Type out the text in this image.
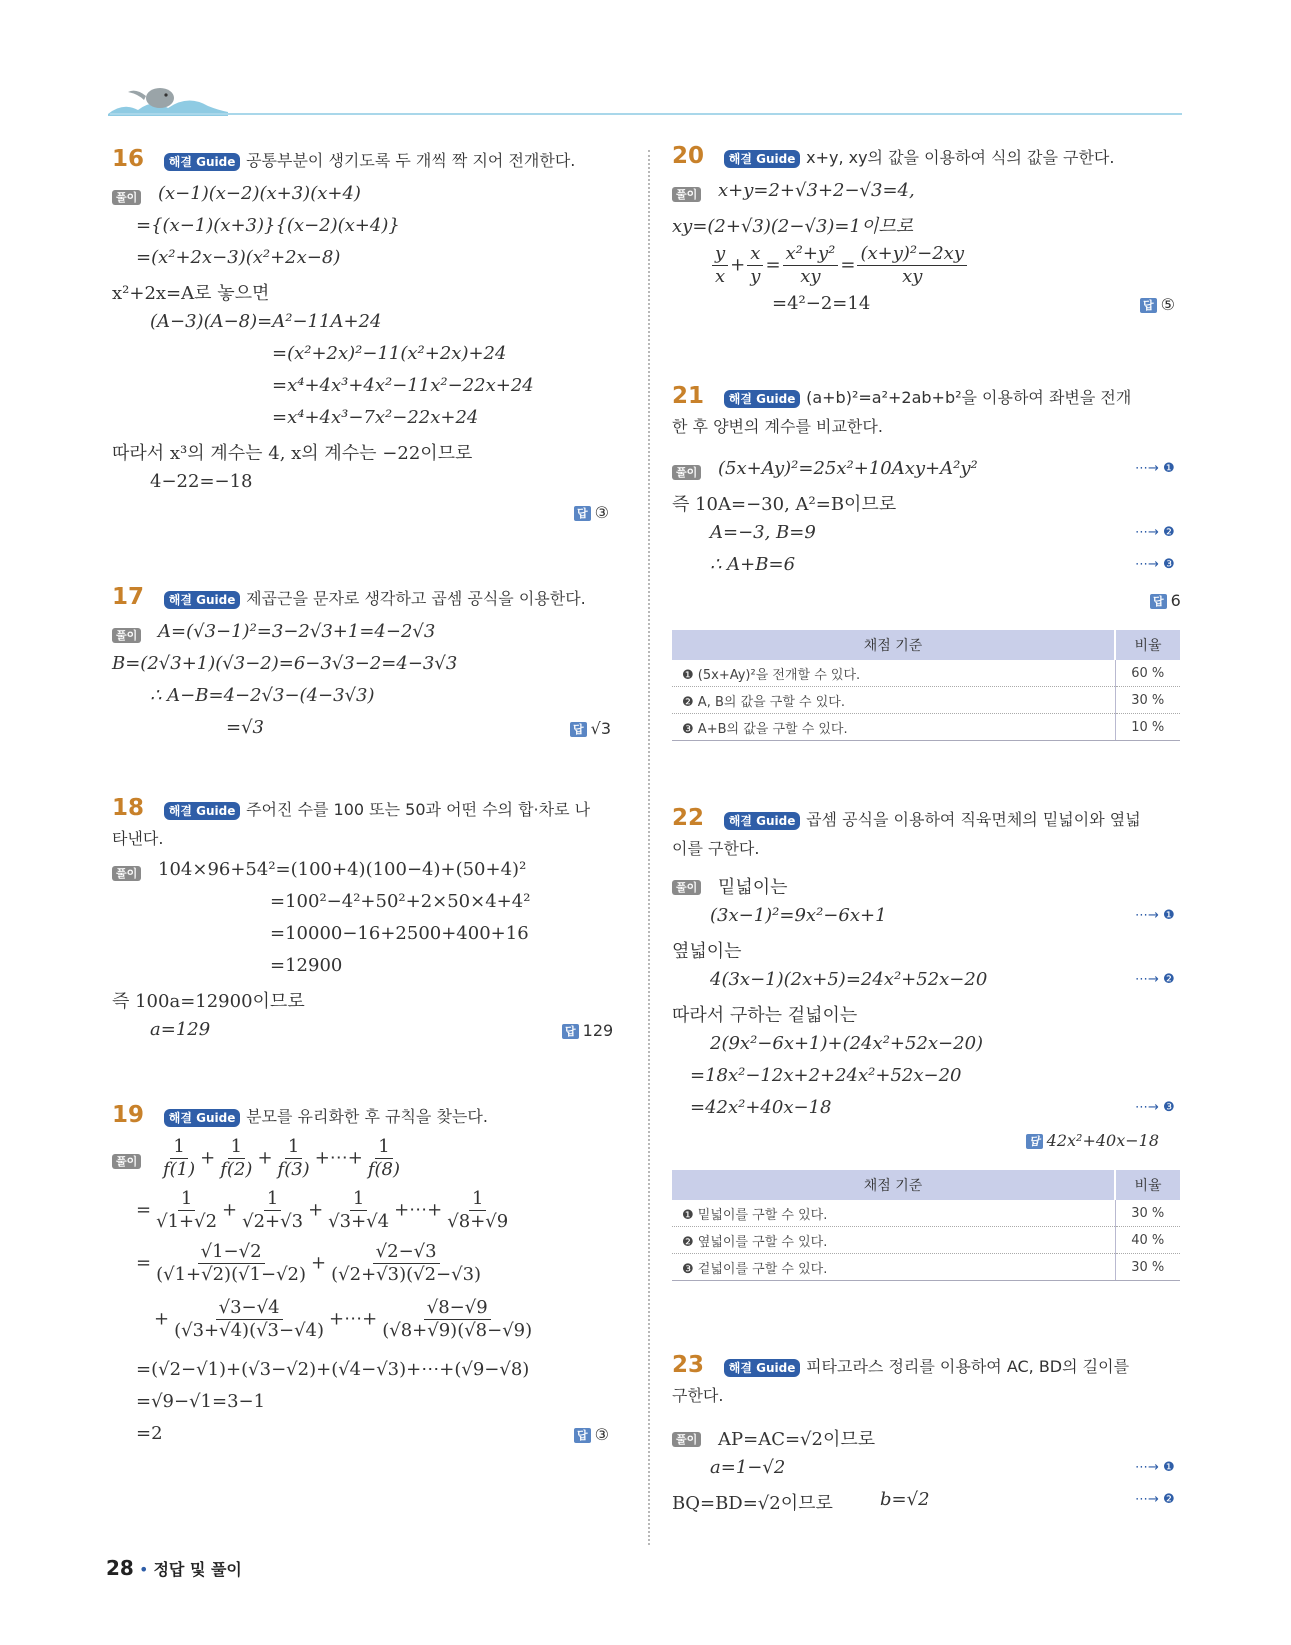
16 해결 Guide 공통부분이 생기도록 두 개씩 짝 지어 전개한다.
풀이 (x−1)(x−2)(x+3)(x+4)
={(x−1)(x+3)}{(x−2)(x+4)}
=(x²+2x−3)(x²+2x−8)
x²+2x=A로 놓으면
(A−3)(A−8)=A²−11A+24
=(x²+2x)²−11(x²+2x)+24
=x⁴+4x³+4x²−11x²−22x+24
=x⁴+4x³−7x²−22x+24
따라서 x³의 계수는 4, x의 계수는 −22이므로
4−22=−18
답 ③
17 해결 Guide 제곱근을 문자로 생각하고 곱셈 공식을 이용한다.
풀이 A=(√3−1)²=3−2√3+1=4−2√3
B=(2√3+1)(√3−2)=6−3√3−2=4−3√3
∴ A−B=4−2√3−(4−3√3)
=√3	답 √3
18 해결 Guide 주어진 수를 100 또는 50과 어떤 수의 합·차로 나
타낸다.
풀이 104×96+54²=(100+4)(100−4)+(50+4)²
=100²−4²+50²+2×50×4+4²
=10000−16+2500+400+16
=12900
즉 100a=12900이므로
a=129	답 129
19 해결 Guide 분모를 유리화한 후 규칙을 찾는다.
풀이 $\frac{1}{f(1)} + \frac{1}{f(2)} + \frac{1}{f(3)}$ +⋯+ $\frac{1}{f(8)}$
= $\frac{1}{√1+√2} + \frac{1}{√2+√3} + \frac{1}{√3+√4}$ +⋯+ $\frac{1}{√8+√9}$
= $\frac{√1-√2}{(√1+√2)(√1-√2)} + \frac{√2-√3}{(√2+√3)(√2-√3)}$
+ $\frac{√3-√4}{(√3+√4)(√3-√4)}$ +⋯+ $\frac{√8-√9}{(√8+√9)(√8-√9)}$
=(√2−√1)+(√3−√2)+(√4−√3)+⋯+(√9−√8)
=√9−√1=3−1
=2	답 ③
20 해결 Guide x+y, xy의 값을 이용하여 식의 값을 구한다.
풀이 x+y=2+√3+2−√3=4,
xy=(2+√3)(2−√3)=1이므로
$\frac{y}{x} + \frac{x}{y} = \frac{\text{x²+y²}}{xy} = \frac{\text{(x+y)²−2xy}}{xy}$
=4²−2=14	답 ⑤
21 해결 Guide (a+b)²=a²+2ab+b²을 이용하여 좌변을 전개
한 후 양변의 계수를 비교한다.
풀이 (5x+Ay)²=25x²+10Axy+A²y²
즉 10A=−30, A²=B이므로
A=−3, B=9
∴ A+B=6
⋯→ ❶
⋯→ ❷
⋯→ ❸
답 6
채점 기준	비율
❶ (5x+Ay)²을 전개할 수 있다.	60 %
❷ A, B의 값을 구할 수 있다.	30 %
❸ A+B의 값을 구할 수 있다.	10 %
22 해결 Guide 곱셈 공식을 이용하여 직육면체의 밑넓이와 옆넓
이를 구한다.
풀이 밑넓이는
(3x−1)²=9x²−6x+1
옆넓이는
4(3x−1)(2x+5)=24x²+52x−20
따라서 구하는 겉넓이는
2(9x²−6x+1)+(24x²+52x−20)
=18x²−12x+2+24x²+52x−20
=42x²+40x−18
⋯→ ❶
⋯→ ❷
⋯→ ❸
답 42x²+40x−18
채점 기준	비율
❶ 밑넓이를 구할 수 있다.	30 %
❷ 옆넓이를 구할 수 있다.	40 %
❸ 겉넓이를 구할 수 있다.	30 %
23 해결 Guide 피타고라스 정리를 이용하여 AC, BD의 길이를
구한다.
풀이 AP=AC=√2이므로
a=1−√2
BQ=BD=√2이므로	b=√2
⋯→ ❶
⋯→ ❷
28 • 정답 및 풀이
